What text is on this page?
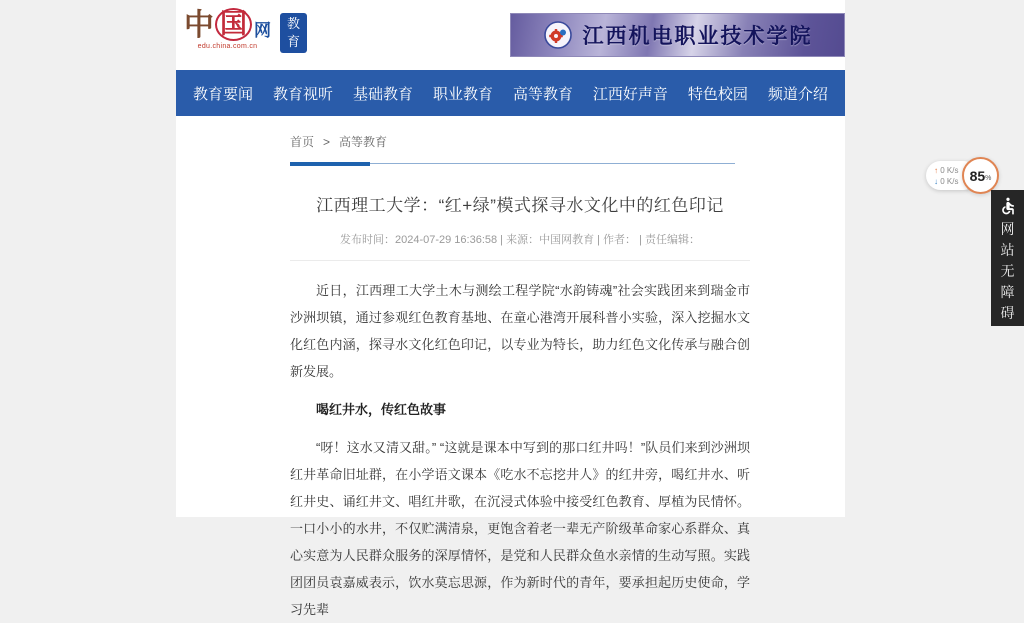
中 国 网
edu.china.com.cn
教
育	江西机电职业技术学院
教育要闻 教育视听 基础教育 职业教育 高等教育 江西好声音 特色校园 频道介绍
首页 > 高等教育
江西理工大学：“红+绿”模式探寻水文化中的红色印记
发布时间：2024-07-29 16:36:58 | 来源：中国网教育 | 作者： | 责任编辑：

近日，江西理工大学土木与测绘工程学院“水韵铸魂”社会实践团来到瑞金市沙洲坝镇，通过参观红色教育基地、在童心港湾开展科普小实验，深入挖掘水文化红色内涵，探寻水文化红色印记，以专业为特长，助力红色文化传承与融合创新发展。

喝红井水，传红色故事

“呀！这水又清又甜。” “这就是课本中写到的那口红井吗！”队员们来到沙洲坝红井革命旧址群，在小学语文课本《吃水不忘挖井人》的红井旁，喝红井水、听红井史、诵红井文、唱红井歌，在沉浸式体验中接受红色教育、厚植为民情怀。一口小小的水井，不仅贮满清泉，更饱含着老一辈无产阶级革命家心系群众、真心实意为人民群众服务的深厚情怀，是党和人民群众鱼水亲情的生动写照。实践团团员袁嘉威表示，饮水莫忘思源，作为新时代的青年，要承担起历史使命，学习先辈

↑ 0 K/s
↓ 0 K/s 85 %
网
站
无
障
碍
